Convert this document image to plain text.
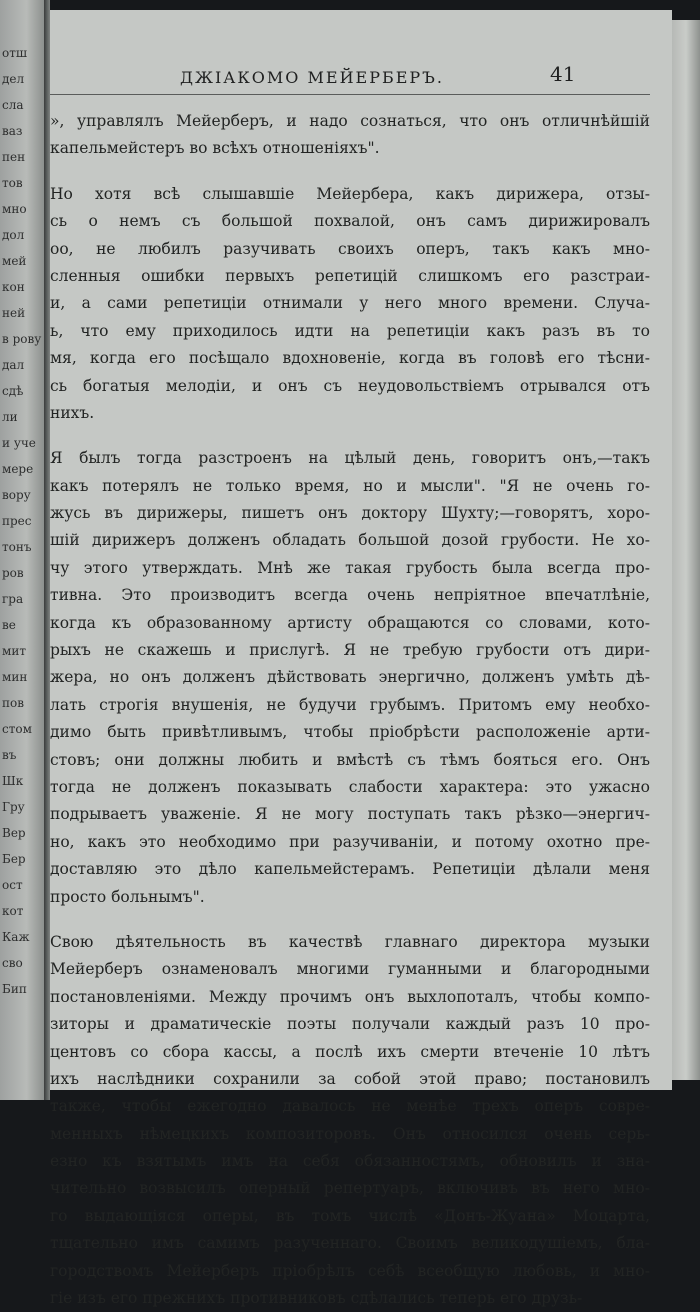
отш
дел
сла
ваз
пен
тов
мно
дол
мей
кон
ней
в рову
дал
сдѣ
ли
и уче
мере
вору
прес
тонъ
ров
гра
ве
мит
мин
пов
стом
въ
Шк
Гру
Вер
Бер
ост
кот
Каж
сво
Бип
ДЖІАКОМО МЕЙЕРБЕРЪ.	41
», управлялъ Мейерберъ, и надо сознаться, что онъ отличнѣйшій
капельмейстеръ во всѣхъ отношеніяхъ".
Но хотя всѣ слышавшіе Мейербера, какъ дирижера, отзы-
сь о немъ съ большой похвалой, онъ самъ дирижировалъ
оо, не любилъ разучивать своихъ оперъ, такъ какъ мно-
сленныя ошибки первыхъ репетицій слишкомъ его разстраи-
и, а сами репетиціи отнимали у него много времени. Случа-
ь, что ему приходилось идти на репетиціи какъ разъ въ то
мя, когда его посѣщало вдохновеніе, когда въ головѣ его тѣсни-
сь богатыя мелодіи, и онъ съ неудовольствіемъ отрывался отъ
нихъ.
Я былъ тогда разстроенъ на цѣлый день, говоритъ онъ,—такъ
какъ потерялъ не только время, но и мысли". "Я не очень го-
жусь въ дирижеры, пишетъ онъ доктору Шухту;—говорятъ, хоро-
шій дирижеръ долженъ обладать большой дозой грубости. Не хо-
чу этого утверждать. Мнѣ же такая грубость была всегда про-
тивна. Это производитъ всегда очень непріятное впечатлѣніе,
когда къ образованному артисту обращаются со словами, кото-
рыхъ не скажешь и прислугѣ. Я не требую грубости отъ дири-
жера, но онъ долженъ дѣйствовать энергично, долженъ умѣть дѣ-
лать строгія внушенія, не будучи грубымъ. Притомъ ему необхо-
димо быть привѣтливымъ, чтобы пріобрѣсти расположеніе арти-
стовъ; они должны любить и вмѣстѣ съ тѣмъ бояться его. Онъ
тогда не долженъ показывать слабости характера: это ужасно
подрываетъ уваженіе. Я не могу поступать такъ рѣзко—энергич-
но, какъ это необходимо при разучиваніи, и потому охотно пре-
доставляю это дѣло капельмейстерамъ. Репетиціи дѣлали меня
просто больнымъ".
Свою дѣятельность въ качествѣ главнаго директора музыки
Мейерберъ ознаменовалъ многими гуманными и благородными
постановленіями. Между прочимъ онъ выхлопоталъ, чтобы компо-
зиторы и драматическіе поэты получали каждый разъ 10 про-
центовъ со сбора кассы, а послѣ ихъ смерти втеченіе 10 лѣтъ
ихъ наслѣдники сохранили за собой этой право; постановилъ
также, чтобы ежегодно давалось не менѣе трехъ оперъ совре-
менныхъ нѣмецкихъ композиторовъ. Онъ относился очень серь-
езно къ взятымъ имъ на себя обязанностямъ, обновилъ и зна-
чительно возвысилъ оперный репертуаръ, включивъ въ него мно-
го выдающіяся оперы, въ томъ числѣ «Донъ-Жуана» Моцарта,
тщательно имъ самимъ разученнаго. Своимъ великодушіемъ, бла-
городствомъ Мейерберъ пріобрѣлъ себѣ всеобщую любовь, и мно-
гіе изъ его прежнихъ противниковъ сдѣлались теперь его друзь-
